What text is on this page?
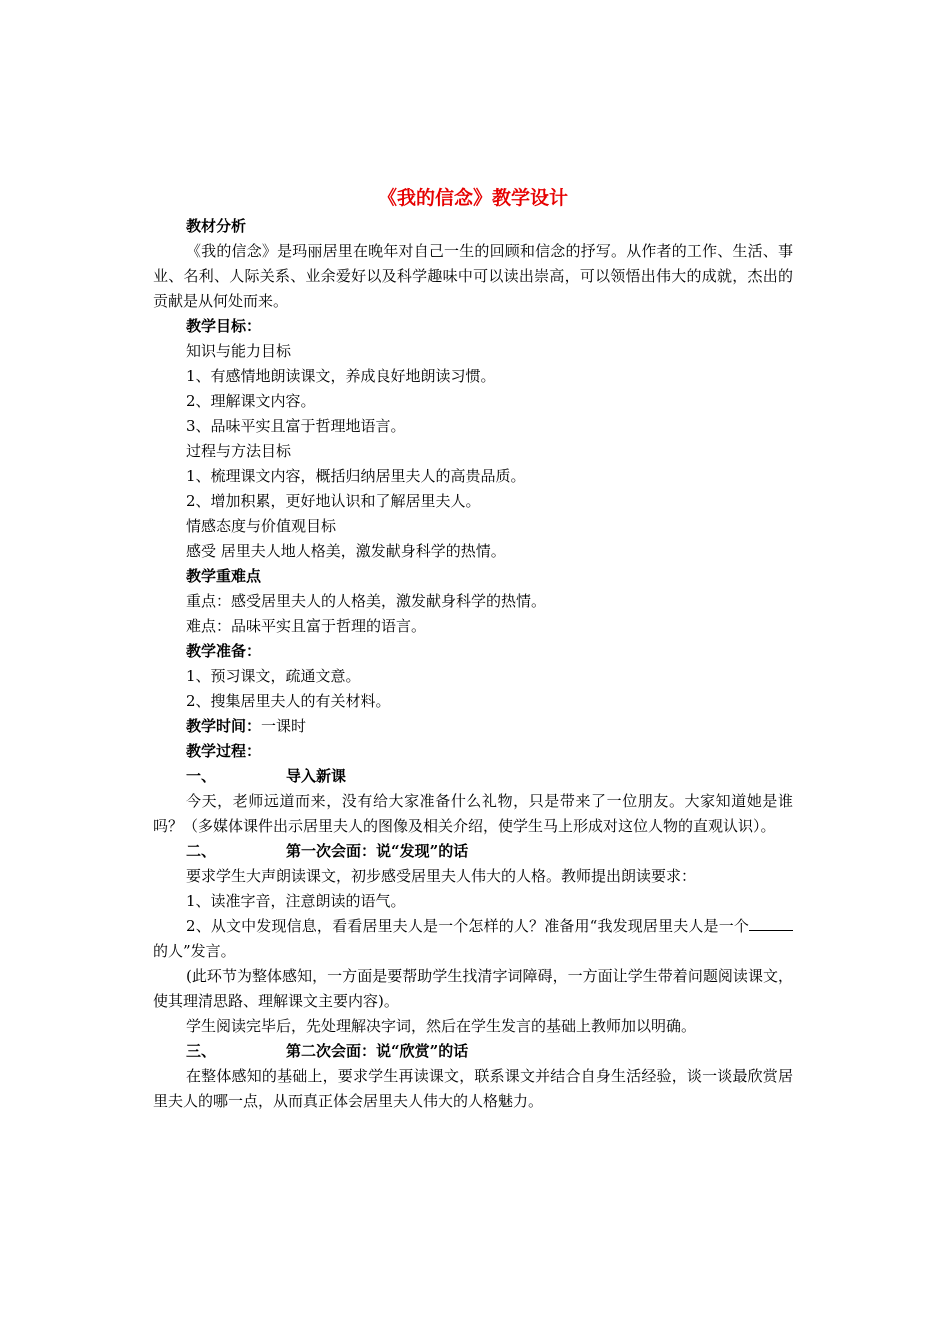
《我的信念》教学设计

教材分析

《我的信念》是玛丽居里在晚年对自己一生的回顾和信念的抒写。从作者的工作、生活、事业、名利、人际关系、业余爱好以及科学趣味中可以读出崇高，可以领悟出伟大的成就，杰出的贡献是从何处而来。

教学目标：

知识与能力目标

1、有感情地朗读课文，养成良好地朗读习惯。

2、理解课文内容。

3、品味平实且富于哲理地语言。

过程与方法目标

1、梳理课文内容，概括归纳居里夫人的高贵品质。

2、增加积累，更好地认识和了解居里夫人。

情感态度与价值观目标

感受 居里夫人地人格美，激发献身科学的热情。

教学重难点

重点：感受居里夫人的人格美，激发献身科学的热情。

难点：品味平实且富于哲理的语言。

教学准备：

1、预习课文，疏通文意。

2、搜集居里夫人的有关材料。

教学时间：一课时

教学过程：

一、	导入新课

今天，老师远道而来，没有给大家准备什么礼物，只是带来了一位朋友。大家知道她是谁吗？（多媒体课件出示居里夫人的图像及相关介绍，使学生马上形成对这位人物的直观认识）。

二、	第一次会面：说“发现”的话

要求学生大声朗读课文，初步感受居里夫人伟大的人格。教师提出朗读要求：

1、读准字音，注意朗读的语气。

2、从文中发现信息，看看居里夫人是一个怎样的人？准备用“我发现居里夫人是一个的人”发言。

(此环节为整体感知，一方面是要帮助学生找清字词障碍，一方面让学生带着问题阅读课文，使其理清思路、理解课文主要内容)。

学生阅读完毕后，先处理解决字词，然后在学生发言的基础上教师加以明确。

三、	第二次会面：说“欣赏”的话

在整体感知的基础上，要求学生再读课文，联系课文并结合自身生活经验，谈一谈最欣赏居里夫人的哪一点，从而真正体会居里夫人伟大的人格魅力。
